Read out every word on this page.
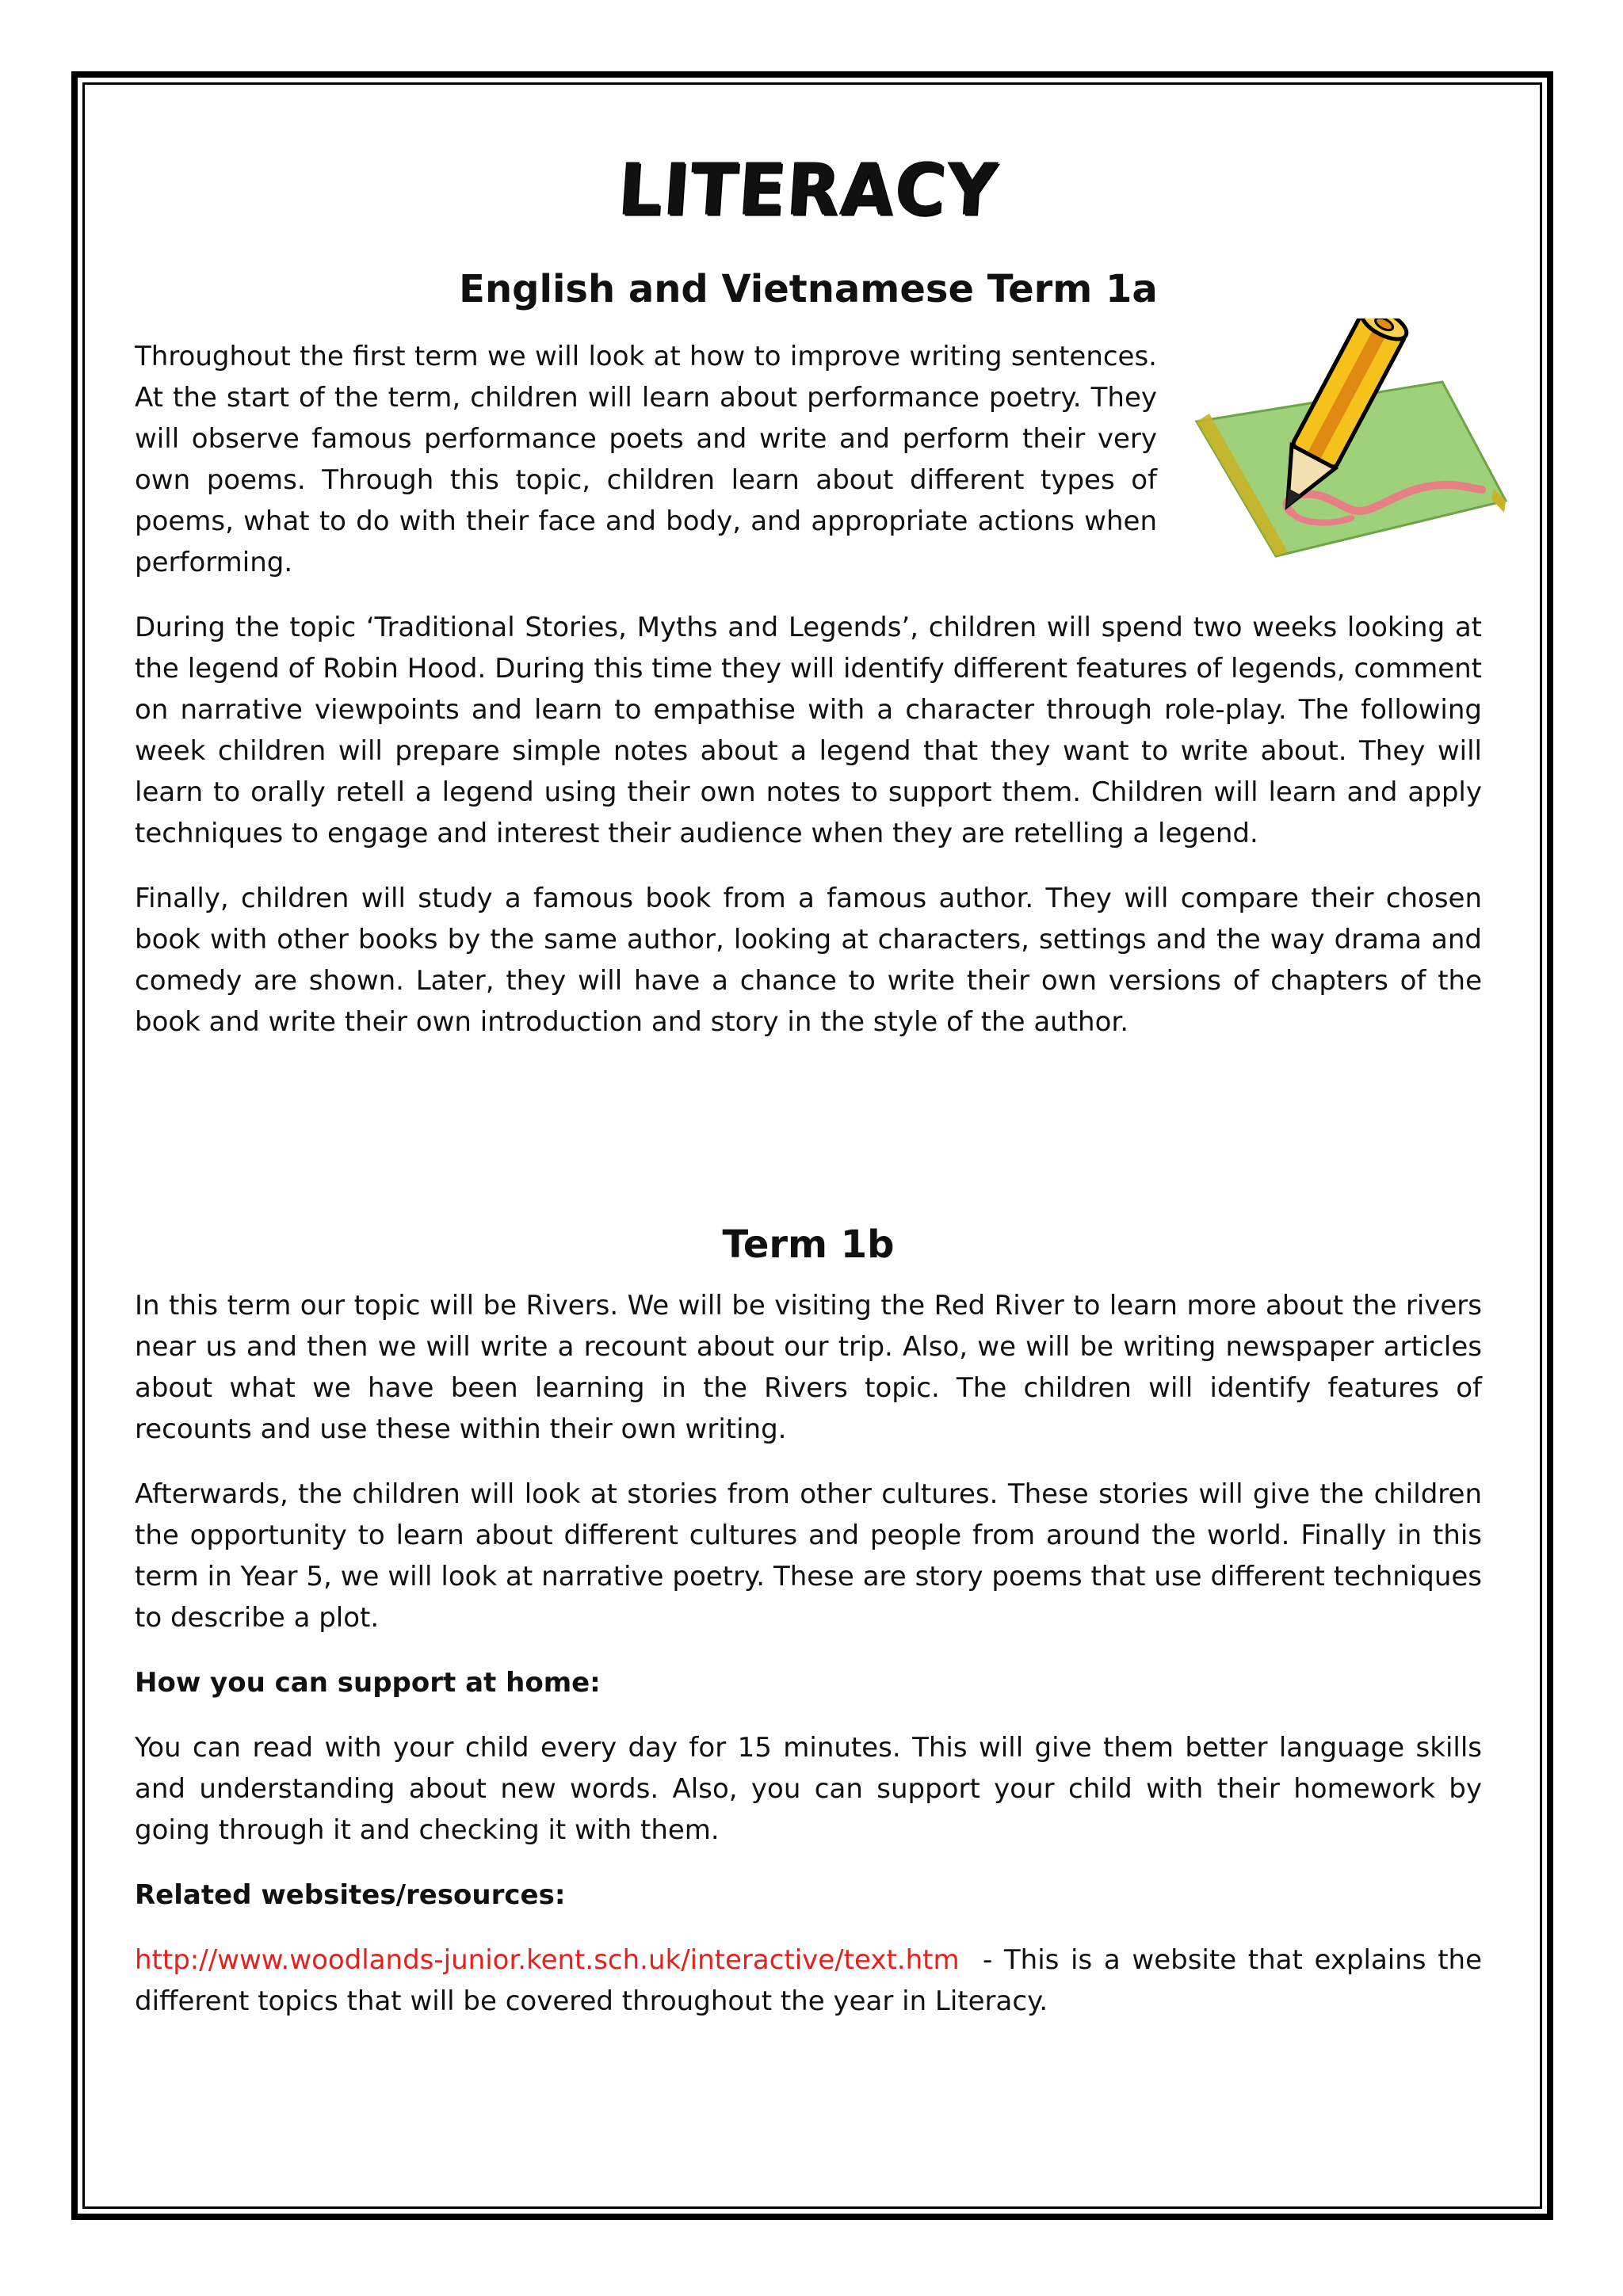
LITERACY
English and Vietnamese Term 1a

Throughout the first term we will look at how to improve writing sentences. At the start of the term, children will learn about performance poetry. They will observe famous performance poets and write and perform their very own poems. Through this topic, children learn about different types of poems, what to do with their face and body, and appropriate actions when performing.

During the topic ‘Traditional Stories, Myths and Legends’, children will spend two weeks looking at the legend of Robin Hood. During this time they will identify different features of legends, comment on narrative viewpoints and learn to empathise with a character through role-play. The following week children will prepare simple notes about a legend that they want to write about. They will learn to orally retell a legend using their own notes to support them. Children will learn and apply techniques to engage and interest their audience when they are retelling a legend.

Finally, children will study a famous book from a famous author. They will compare their chosen book with other books by the same author, looking at characters, settings and the way drama and comedy are shown. Later, they will have a chance to write their own versions of chapters of the book and write their own introduction and story in the style of the author.

Term 1b

In this term our topic will be Rivers. We will be visiting the Red River to learn more about the rivers near us and then we will write a recount about our trip. Also, we will be writing newspaper articles about what we have been learning in the Rivers topic. The children will identify features of recounts and use these within their own writing.

Afterwards, the children will look at stories from other cultures. These stories will give the children the opportunity to learn about different cultures and people from around the world. Finally in this term in Year 5, we will look at narrative poetry. These are story poems that use different techniques to describe a plot.

How you can support at home:

You can read with your child every day for 15 minutes. This will give them better language skills and understanding about new words. Also, you can support your child with their homework by going through it and checking it with them.

Related websites/resources:

http://www.woodlands-junior.kent.sch.uk/interactive/text.htm  - This is a website that explains the different topics that will be covered throughout the year in Literacy.
